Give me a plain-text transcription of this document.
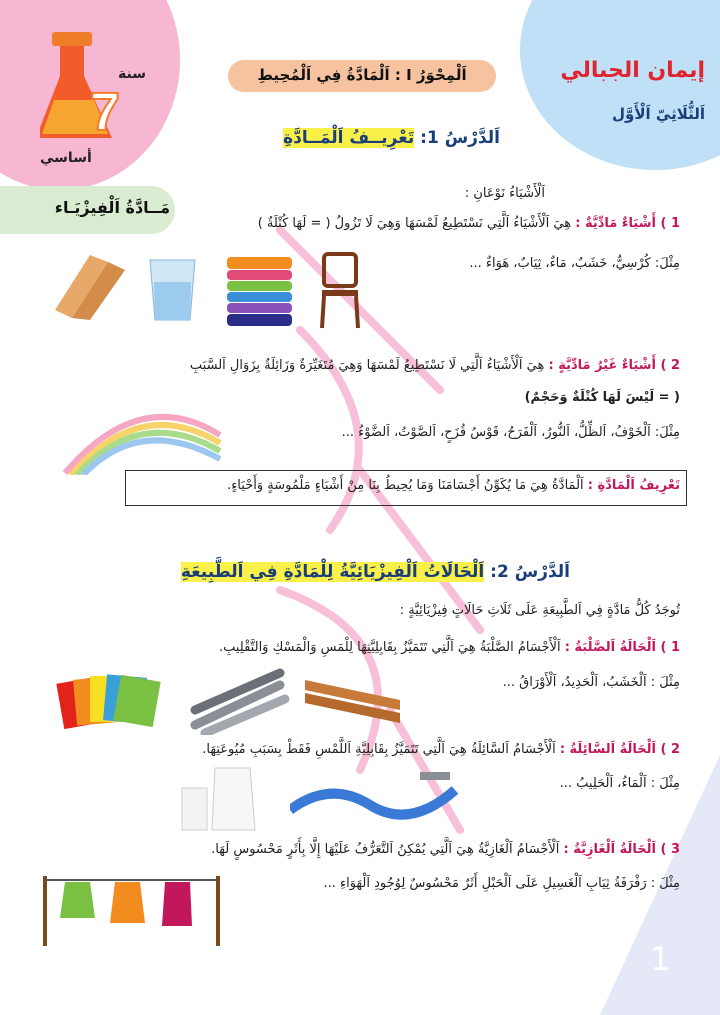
7
إيمان الجبالي
اَلثُّلَاثِيّ اَلْأَوَّل
سنة
أساسي
مَــادَّةُ اَلْفِيزْيَـاء
اَلْمِحْوَرُ I : اَلْمَادَّةُ فِي اَلْمُحِيطِ
اَلدَّرْسُ 1: تَعْرِيــفُ اَلْمَــادَّةِ
اَلْأَشْيَاءُ نَوْعَانِ :
1 ) أَشْيَاءٌ مَادِّيَّةٌ : هِيَ اَلْأَشْيَاءُ اَلَّتِي نَسْتَطِيعُ لَمْسَهَا وَهِيَ لَا تَزُولُ ( = لَهَا كُتْلَةٌ )
مِثْلَ: كُرْسِيٌّ، خَشَبٌ، مَاءٌ، ثِيَابٌ، هَوَاءٌ ...
2 ) أَشْيَاءٌ غَيْرُ مَادِّيَّةٍ : هِيَ اَلْأَشْيَاءُ اَلَّتِي لَا نَسْتَطِيعُ لَمْسَهَا وَهِيَ مُتَغَيِّرَةٌ وَزَائِلَةٌ بِزَوَالِ اَلسَّبَبِ
( = لَيْسَ لَهَا كُتْلَةٌ وَحَجْمٌ)
مِثْلَ: اَلْخَوْفُ، اَلظِّلُّ، اَلنُّورُ، اَلْفَرَحُ، قَوْسُ قُزَحٍ، اَلصَّوْتُ، اَلضَّوْءُ ...
تَعْرِيفُ اَلْمَادَّةِ : اَلْمَادَّةُ هِيَ مَا يُكَوِّنُ أَجْسَامَنَا وَمَا يُحِيطُ بِنَا مِنْ أَشْيَاءٍ مَلْمُوسَةٍ وَأَحْيَاءٍ.
اَلدَّرْسُ 2: اَلْحَالَاتُ اَلْفِيزْيَائِيَّةُ لِلْمَادَّةِ فِي اَلطَّبِيعَةِ
تُوجَدُ كُلُّ مَادَّةٍ فِي اَلطَّبِيعَةِ عَلَى ثَلَاثِ حَالَاتٍ فِيزْيَائِيَّةٍ :
1 ) اَلْحَالَةُ اَلصَّلْبَةُ : اَلْأَجْسَامُ الصَّلْبَةُ هِيَ اَلَّتِي تَتَمَيَّزُ بِقَابِلِيَّتِهَا لِلْمَسِ وَالْمَسْكِ وَالتَّقْلِيبِ.
مِثْلَ : اَلْخَشَبُ، اَلْحَدِيدُ، اَلْأَوْرَاقُ ...
2 ) اَلْحَالَةُ اَلسَّائِلَةُ : اَلْأَجْسَامُ اَلسَّائِلَةُ هِيَ اَلَّتِي تَتَمَيَّزُ بِقَابِلِيَّةِ اَللَّمْسِ فَقَطْ بِسَبَبِ مُيُوعَتِهَا.
مِثْلَ : اَلْمَاءُ، اَلْحَلِيبُ ...
3 ) اَلْحَالَةُ اَلْغَازِيَّةُ : اَلْأَجْسَامُ اَلْغَازِيَّةُ هِيَ اَلَّتِي يُمْكِنُ اَلتَّعَرُّفُ عَلَيْهَا إِلَّا بِأَثَرٍ مَحْسُوسٍ لَهَا.
مِثْلَ : رَفْرَفَةُ ثِيَابِ اَلْغَسِيلِ عَلَى اَلْحَبْلِ أَثَرٌ مَحْسُوسٌ لِوُجُودِ اَلْهَوَاءِ ...
1
